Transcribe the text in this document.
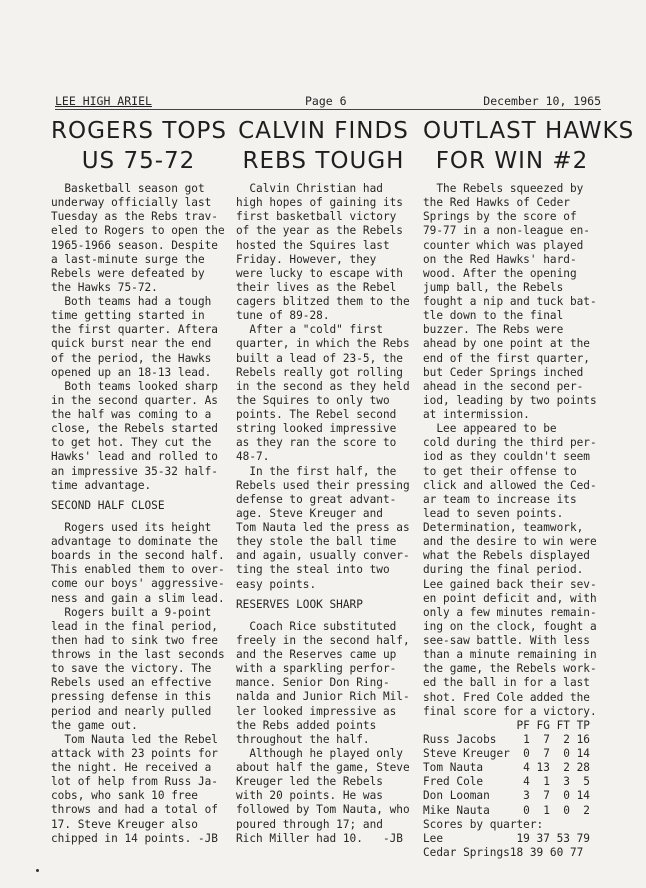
LEE HIGH ARIEL	Page 6	December 10, 1965
ROGERS TOPS
US 75-72
Basketball season got
underway officially last
Tuesday as the Rebs trav-
eled to Rogers to open the
1965-1966 season. Despite
a last-minute surge the
Rebels were defeated by
the Hawks 75-72.
Both teams had a tough
time getting started in
the first quarter. Aftera
quick burst near the end
of the period, the Hawks
opened up an 18-13 lead.
Both teams looked sharp
in the second quarter. As
the half was coming to a
close, the Rebels started
to get hot. They cut the
Hawks' lead and rolled to
an impressive 35-32 half-
time advantage.
SECOND HALF CLOSE
Rogers used its height
advantage to dominate the
boards in the second half.
This enabled them to over-
come our boys' aggressive-
ness and gain a slim lead.
Rogers built a 9-point
lead in the final period,
then had to sink two free
throws in the last seconds
to save the victory. The
Rebels used an effective
pressing defense in this
period and nearly pulled
the game out.
Tom Nauta led the Rebel
attack with 23 points for
the night. He received a
lot of help from Russ Ja-
cobs, who sank 10 free
throws and had a total of
17. Steve Kreuger also
chipped in 14 points. -JB
CALVIN FINDS
REBS TOUGH
Calvin Christian had
high hopes of gaining its
first basketball victory
of the year as the Rebels
hosted the Squires last
Friday. However, they
were lucky to escape with
their lives as the Rebel
cagers blitzed them to the
tune of 89-28.
After a "cold" first
quarter, in which the Rebs
built a lead of 23-5, the
Rebels really got rolling
in the second as they held
the Squires to only two
points. The Rebel second
string looked impressive
as they ran the score to
48-7.
In the first half, the
Rebels used their pressing
defense to great advant-
age. Steve Kreuger and
Tom Nauta led the press as
they stole the ball time
and again, usually conver-
ting the steal into two
easy points.
RESERVES LOOK SHARP
Coach Rice substituted
freely in the second half,
and the Reserves came up
with a sparkling perfor-
mance. Senior Don Ring-
nalda and Junior Rich Mil-
ler looked impressive as
the Rebs added points
throughout the half.
Although he played only
about half the game, Steve
Kreuger led the Rebels
with 20 points. He was
followed by Tom Nauta, who
poured through 17; and
Rich Miller had 10.   -JB
OUTLAST HAWKS
FOR WIN #2
The Rebels squeezed by
the Red Hawks of Ceder
Springs by the score of
79-77 in a non-league en-
counter which was played
on the Red Hawks' hard-
wood. After the opening
jump ball, the Rebels
fought a nip and tuck bat-
tle down to the final
buzzer. The Rebs were
ahead by one point at the
end of the first quarter,
but Ceder Springs inched
ahead in the second per-
iod, leading by two points
at intermission.
Lee appeared to be
cold during the third per-
iod as they couldn't seem
to get their offense to
click and allowed the Ced-
ar team to increase its
lead to seven points.
Determination, teamwork,
and the desire to win were
what the Rebels displayed
during the final period.
Lee gained back their sev-
en point deficit and, with
only a few minutes remain-
ing on the clock, fought a
see-saw battle. With less
than a minute remaining in
the game, the Rebels work-
ed the ball in for a last
shot. Fred Cole added the
final score for a victory.
PF FG FT TP
Russ Jacobs    1  7  2 16
Steve Kreuger  0  7  0 14
Tom Nauta      4 13  2 28
Fred Cole      4  1  3  5
Don Looman     3  7  0 14
Mike Nauta     0  1  0  2
Scores by quarter:
Lee           19 37 53 79
Cedar Springs18 39 60 77
